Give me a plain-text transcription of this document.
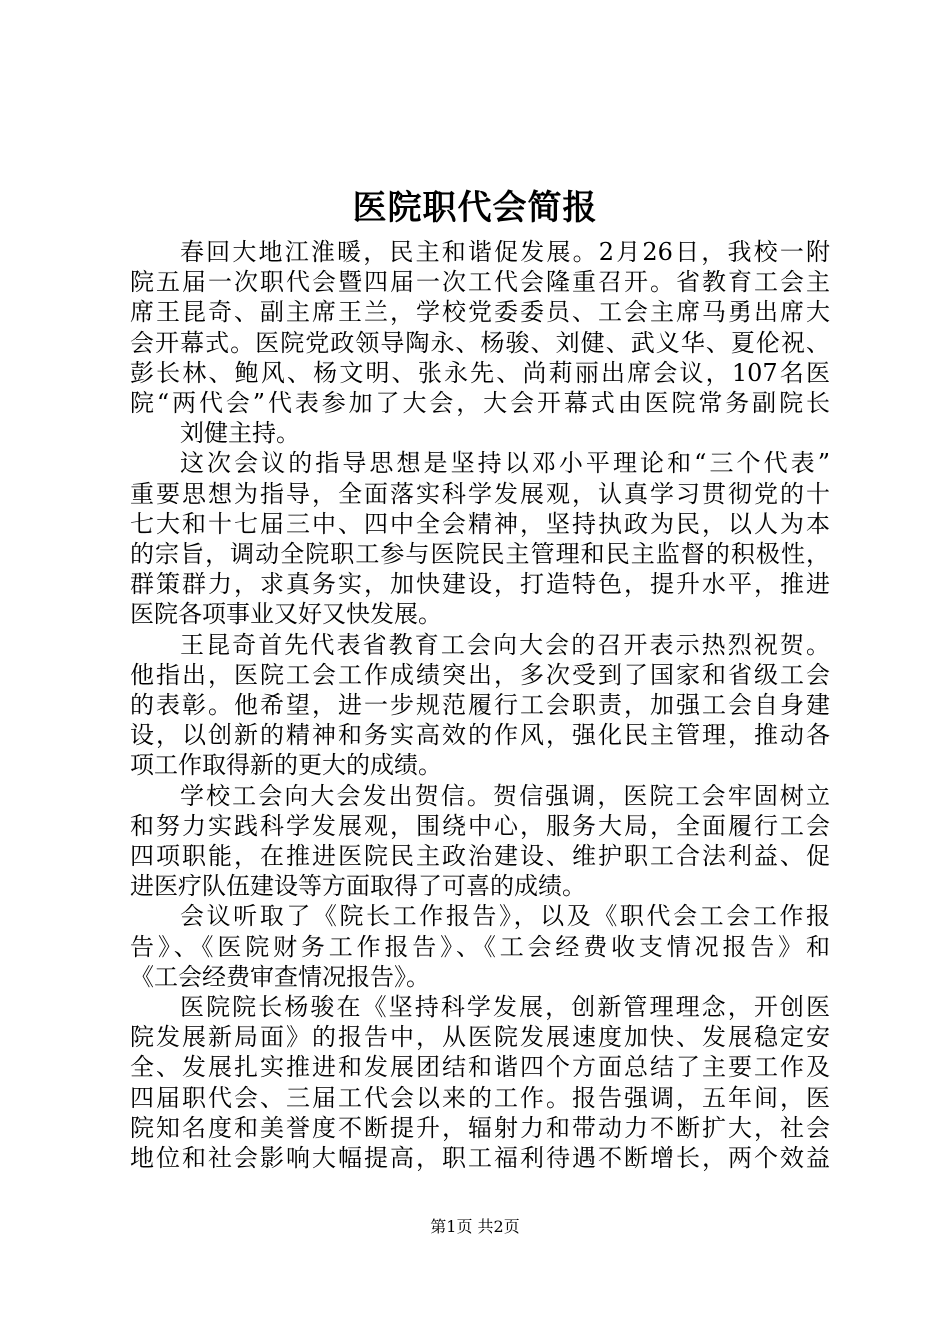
医院职代会简报
春回大地江淮暖，民主和谐促发展。2月26日，我校一附
院五届一次职代会暨四届一次工代会隆重召开。省教育工会主
席王昆奇、副主席王兰，学校党委委员、工会主席马勇出席大
会开幕式。医院党政领导陶永、杨骏、刘健、武义华、夏伦祝、
彭长林、鲍风、杨文明、张永先、尚莉丽出席会议，107名医
院“两代会”代表参加了大会，大会开幕式由医院常务副院长
刘健主持。
这次会议的指导思想是坚持以邓小平理论和“三个代表”
重要思想为指导，全面落实科学发展观，认真学习贯彻党的十
七大和十七届三中、四中全会精神，坚持执政为民，以人为本
的宗旨，调动全院职工参与医院民主管理和民主监督的积极性，
群策群力，求真务实，加快建设，打造特色，提升水平，推进
医院各项事业又好又快发展。
王昆奇首先代表省教育工会向大会的召开表示热烈祝贺。
他指出，医院工会工作成绩突出，多次受到了国家和省级工会
的表彰。他希望，进一步规范履行工会职责，加强工会自身建
设，以创新的精神和务实高效的作风，强化民主管理，推动各
项工作取得新的更大的成绩。
学校工会向大会发出贺信。贺信强调，医院工会牢固树立
和努力实践科学发展观，围绕中心，服务大局，全面履行工会
四项职能，在推进医院民主政治建设、维护职工合法利益、促
进医疗队伍建设等方面取得了可喜的成绩。
会议听取了《院长工作报告》，以及《职代会工会工作报
告》、《医院财务工作报告》、《工会经费收支情况报告》和
《工会经费审查情况报告》。
医院院长杨骏在《坚持科学发展，创新管理理念，开创医
院发展新局面》的报告中，从医院发展速度加快、发展稳定安
全、发展扎实推进和发展团结和谐四个方面总结了主要工作及
四届职代会、三届工代会以来的工作。报告强调，五年间，医
院知名度和美誉度不断提升，辐射力和带动力不断扩大，社会
地位和社会影响大幅提高，职工福利待遇不断增长，两个效益
第1页 共2页
